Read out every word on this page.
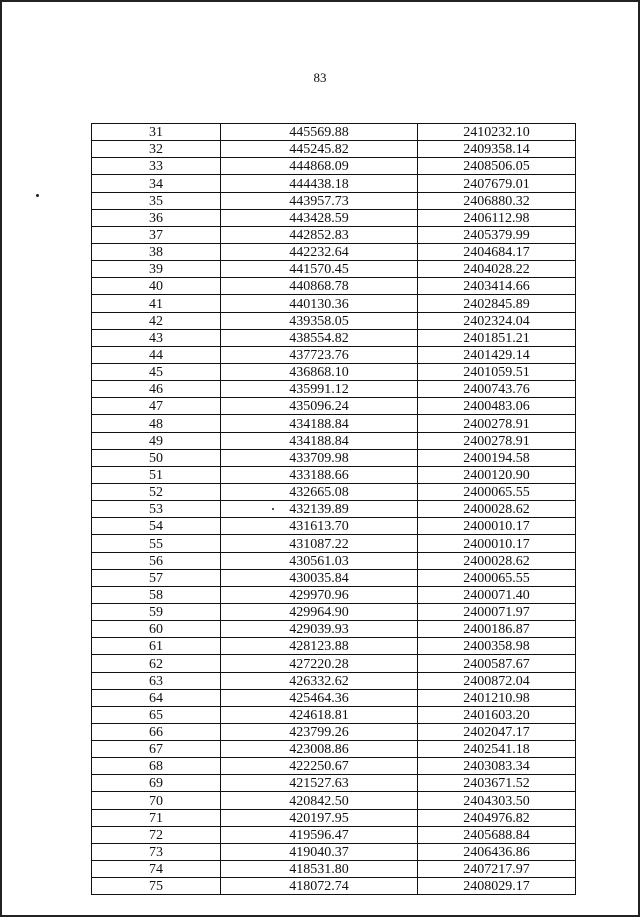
83
31	445569.88	2410232.10
32	445245.82	2409358.14
33	444868.09	2408506.05
34	444438.18	2407679.01
35	443957.73	2406880.32
36	443428.59	2406112.98
37	442852.83	2405379.99
38	442232.64	2404684.17
39	441570.45	2404028.22
40	440868.78	2403414.66
41	440130.36	2402845.89
42	439358.05	2402324.04
43	438554.82	2401851.21
44	437723.76	2401429.14
45	436868.10	2401059.51
46	435991.12	2400743.76
47	435096.24	2400483.06
48	434188.84	2400278.91
49	434188.84	2400278.91
50	433709.98	2400194.58
51	433188.66	2400120.90
52	432665.08	2400065.55
53	432139.89	2400028.62
54	431613.70	2400010.17
55	431087.22	2400010.17
56	430561.03	2400028.62
57	430035.84	2400065.55
58	429970.96	2400071.40
59	429964.90	2400071.97
60	429039.93	2400186.87
61	428123.88	2400358.98
62	427220.28	2400587.67
63	426332.62	2400872.04
64	425464.36	2401210.98
65	424618.81	2401603.20
66	423799.26	2402047.17
67	423008.86	2402541.18
68	422250.67	2403083.34
69	421527.63	2403671.52
70	420842.50	2404303.50
71	420197.95	2404976.82
72	419596.47	2405688.84
73	419040.37	2406436.86
74	418531.80	2407217.97
75	418072.74	2408029.17
